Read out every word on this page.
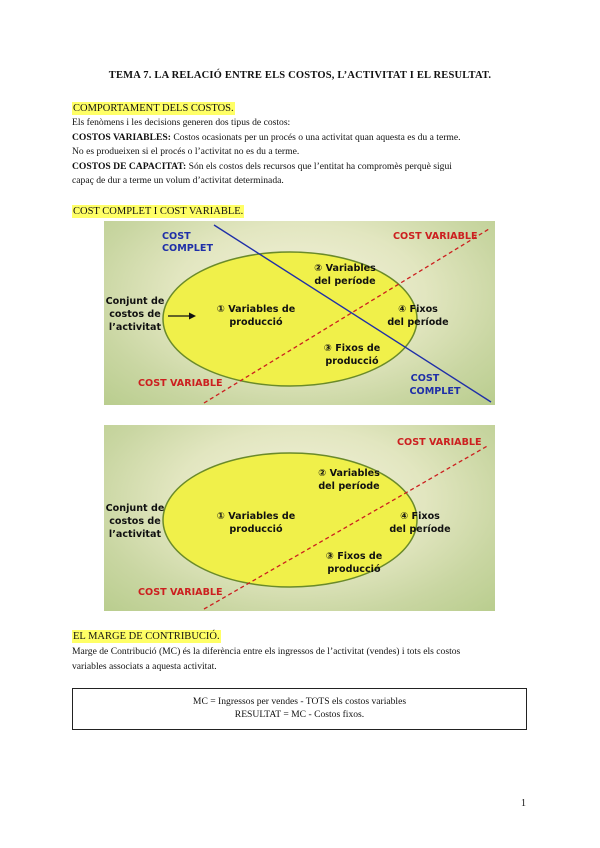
TEMA 7. LA RELACIÓ ENTRE ELS COSTOS, L’ACTIVITAT I EL RESULTAT.
COMPORTAMENT DELS COSTOS.
Els fenòmens i les decisions generen dos tipus de costos:
COSTOS VARIABLES: Costos ocasionats per un procés o una activitat quan aquesta es du a terme.
No es produeixen si el procés o l’activitat no es du a terme.
COSTOS DE CAPACITAT: Són els costos dels recursos que l’entitat ha compromès perquè sigui
capaç de dur a terme un volum d’activitat determinada.
COST COMPLET I COST VARIABLE.
COST
COMPLET
COST VARIABLE
Conjunt de
costos de
l’activitat
② Variables
del període
① Variables de
producció
④ Fixos
del període
③ Fixos de
producció
COST VARIABLE	COST
COMPLET
COST VARIABLE
Conjunt de
costos de
l’activitat
② Variables
del període
① Variables de
producció
④ Fixos
del període
③ Fixos de
producció
COST VARIABLE
EL MARGE DE CONTRIBUCIÓ.
Marge de Contribució (MC) és la diferència entre els ingressos de l’activitat (vendes) i tots els costos
variables associats a aquesta activitat.
MC = Ingressos per vendes - TOTS els costos variables
RESULTAT = MC - Costos fixos.
1
